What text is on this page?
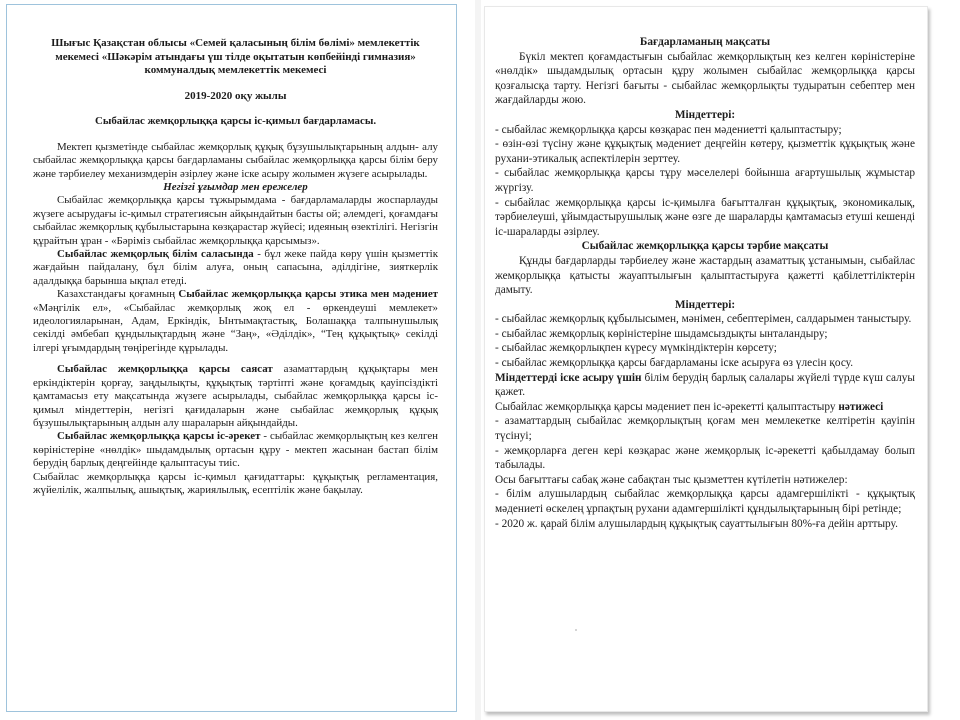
Шығыс Қазақстан облысы «Семей қаласының білім бөлімі» мемлекеттік мекемесі «Шәкәрім атындағы үш тілде оқытатын көпбейінді гимназия» коммуналдық мемлекеттік мекемесі

2019-2020 оқу жылы

Сыбайлас жемқорлыққа қарсы іс-қимыл бағдарламасы.

Мектеп қызметінде сыбайлас жемқорлық құқық бұзушылықтарының алдын- алу сыбайлас жемқорлыққа қарсы бағдарламаны сыбайлас жемқорлыққа қарсы білім беру және тәрбиелеу механизмдерін әзірлеу және іске асыру жолымен жүзеге асырылады.

Негізгі ұғымдар мен ережелер

Сыбайлас жемқорлыққа қарсы тұжырымдама - бағдарламаларды жоспарлауды жүзеге асырудағы іс-қимыл стратегиясын айқындайтын басты ой; әлемдегі, қоғамдағы сыбайлас жемқорлық құбылыстарына көзқарастар жүйесі; идеяның өзектілігі. Негізгін құрайтын ұран - «Бәріміз сыбайлас жемқорлыққа қарсымыз».

Сыбайлас жемқорлық білім саласында - бұл жеке пайда көру үшін қызметтік жағдайын пайдалану, бұл білім алуға, оның сапасына, әділдігіне, зияткерлік адалдыққа барынша ықпал етеді.

Казахстандағы қоғамның Сыбайлас жемқорлыққа қарсы этика мен мәдениет «Мәңгілік ел», «Сыбайлас жемқорлық жоқ ел - өркендеуші мемлекет» идеологияларынан, Адам, Еркіндік, Ынтымақтастық, Болашаққа талпынушылық секілді әмбебап құндылықтардың және “Заң», «Әділдік», “Тең құқықтық» секілді ілгері ұғымдардың төңірегінде құрылады.

Сыбайлас жемқорлыққа қарсы саясат азаматтардың құқықтары мен еркіндіктерін қорғау, заңдылықты, құқықтық тәртіпті және қоғамдық қауіпсіздікті қамтамасыз ету мақсатында жүзеге асырылады, сыбайлас жемқорлыққа қарсы іс-қимыл міндеттерін, негізгі қағидаларын және сыбайлас жемқорлық құқық бұзушылықтарының алдын алу шараларын айқындайды.

Сыбайлас жемқорлыққа қарсы іс-әрекет - сыбайлас жемқорлықтың кез келген көріністеріне «нөлдік» шыдамдылық ортасын құру - мектеп жасынан бастап білім берудің барлық деңгейінде қалыптасуы тиіс.

Сыбайлас жемқорлыққа қарсы іс-қимыл қағидаттары: құқықтық регламентация, жүйелілік, жалпылық, ашықтық, жариялылық, есептілік және бақылау.

Бағдарламаның мақсаты

Бүкіл мектеп қоғамдастығын сыбайлас жемқорлықтың кез келген көріністеріне «нөлдік» шыдамдылық ортасын құру жолымен сыбайлас жемқорлыққа қарсы қозғалысқа тарту. Негізгі бағыты - сыбайлас жемқорлықты тудыратын себептер мен жағдайларды жою.

Міндеттері:

- сыбайлас жемқорлыққа қарсы көзқарас пен мәдениетті қалыптастыру;

- өзін-өзі түсіну және құқықтық мәдениет деңгейін көтеру, қызметтік құқықтық және рухани-этикалық аспектілерін зерттеу.

- сыбайлас жемқорлыққа қарсы тұру мәселелері бойынша ағартушылық жұмыстар жүргізу.

- сыбайлас жемқорлыққа қарсы іс-қимылға бағытталған құқықтық, экономикалық, тәрбиелеуші, ұйымдастырушылық және өзге де шараларды қамтамасыз етуші кешенді іс-шараларды әзірлеу.

Сыбайлас жемқорлыққа қарсы тәрбие мақсаты

Құнды бағдарларды тәрбиелеу және жастардың азаматтық ұстанымын, сыбайлас жемқорлыққа қатысты жауаптылығын қалыптастыруға қажетті қабілеттіліктерін дамыту.

Міндеттері:

- сыбайлас жемқорлық құбылысымен, мәнімен, себептерімен, салдарымен таныстыру.

- сыбайлас жемқорлық көріністеріне шыдамсыздықты ынталандыру;

- сыбайлас жемқорлықпен күресу мүмкіндіктерін көрсету;

- сыбайлас жемқорлыққа қарсы бағдарламаны іске асыруға өз үлесін қосу.

Міндеттерді іске асыру үшін білім берудің барлық салалары жүйелі түрде күш салуы қажет.

Сыбайлас жемқорлыққа қарсы мәдениет пен іс-әрекетті қалыптастыру нәтижесі

- азаматтардың сыбайлас жемқорлықтың қоғам мен мемлекетке келтіретін қауіпін түсінуі;

- жемқорларға деген кері көзқарас және жемқорлық іс-әрекетті қабылдамау болып табылады.

Осы бағыттағы сабақ және сабақтан тыс қызметтен күтілетін нәтижелер:

- білім алушылардың сыбайлас жемқорлыққа қарсы адамгершілікті - құқықтық мәдениеті өскелең ұрпақтың рухани адамгершілікті құндылықтарының бірі ретінде;

- 2020 ж. қарай білім алушылардың құқықтық сауаттылығын 80%-ға дейін арттыру.
